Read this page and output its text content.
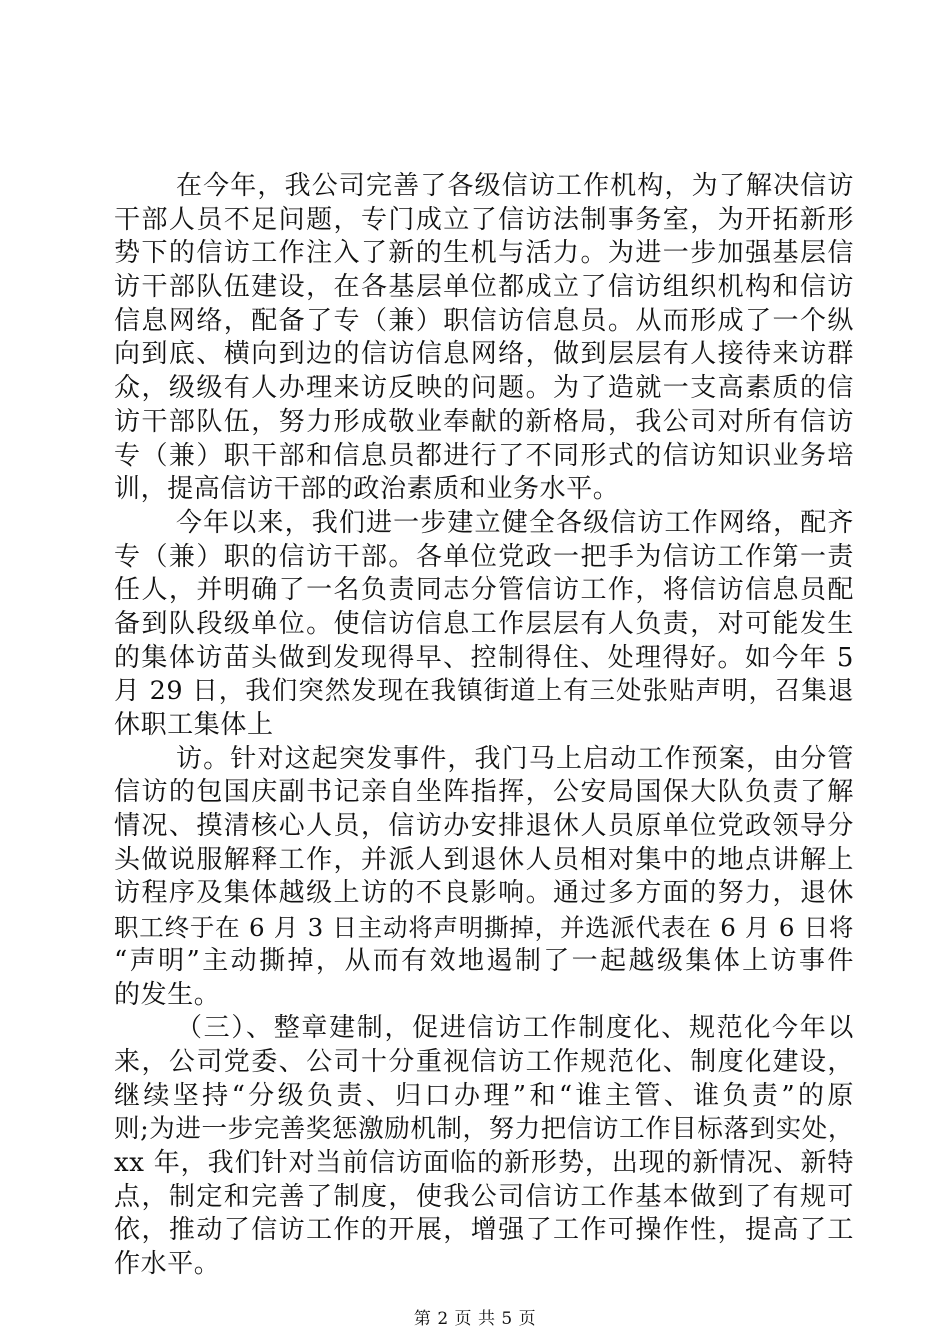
在今年，我公司完善了各级信访工作机构，为了解决信访
干部人员不足问题，专门成立了信访法制事务室，为开拓新形
势下的信访工作注入了新的生机与活力。为进一步加强基层信
访干部队伍建设，在各基层单位都成立了信访组织机构和信访
信息网络，配备了专（兼）职信访信息员。从而形成了一个纵
向到底、横向到边的信访信息网络，做到层层有人接待来访群
众，级级有人办理来访反映的问题。为了造就一支高素质的信
访干部队伍，努力形成敬业奉献的新格局，我公司对所有信访
专（兼）职干部和信息员都进行了不同形式的信访知识业务培
训，提高信访干部的政治素质和业务水平。
今年以来，我们进一步建立健全各级信访工作网络，配齐
专（兼）职的信访干部。各单位党政一把手为信访工作第一责
任人，并明确了一名负责同志分管信访工作，将信访信息员配
备到队段级单位。使信访信息工作层层有人负责，对可能发生
的集体访苗头做到发现得早、控制得住、处理得好。如今年 5
月 29 日，我们突然发现在我镇街道上有三处张贴声明，召集退
休职工集体上
访。针对这起突发事件，我门马上启动工作预案，由分管
信访的包国庆副书记亲自坐阵指挥，公安局国保大队负责了解
情况、摸清核心人员，信访办安排退休人员原单位党政领导分
头做说服解释工作，并派人到退休人员相对集中的地点讲解上
访程序及集体越级上访的不良影响。通过多方面的努力，退休
职工终于在 6 月 3 日主动将声明撕掉，并选派代表在 6 月 6 日将
“声明”主动撕掉，从而有效地遏制了一起越级集体上访事件
的发生。
（三）、整章建制，促进信访工作制度化、规范化今年以
来，公司党委、公司十分重视信访工作规范化、制度化建设，
继续坚持“分级负责、归口办理”和“谁主管、谁负责”的原
则;为进一步完善奖惩激励机制，努力把信访工作目标落到实处，
xx 年，我们针对当前信访面临的新形势，出现的新情况、新特
点，制定和完善了制度，使我公司信访工作基本做到了有规可
依，推动了信访工作的开展，增强了工作可操作性，提高了工
作水平。
第 2 页 共 5 页
